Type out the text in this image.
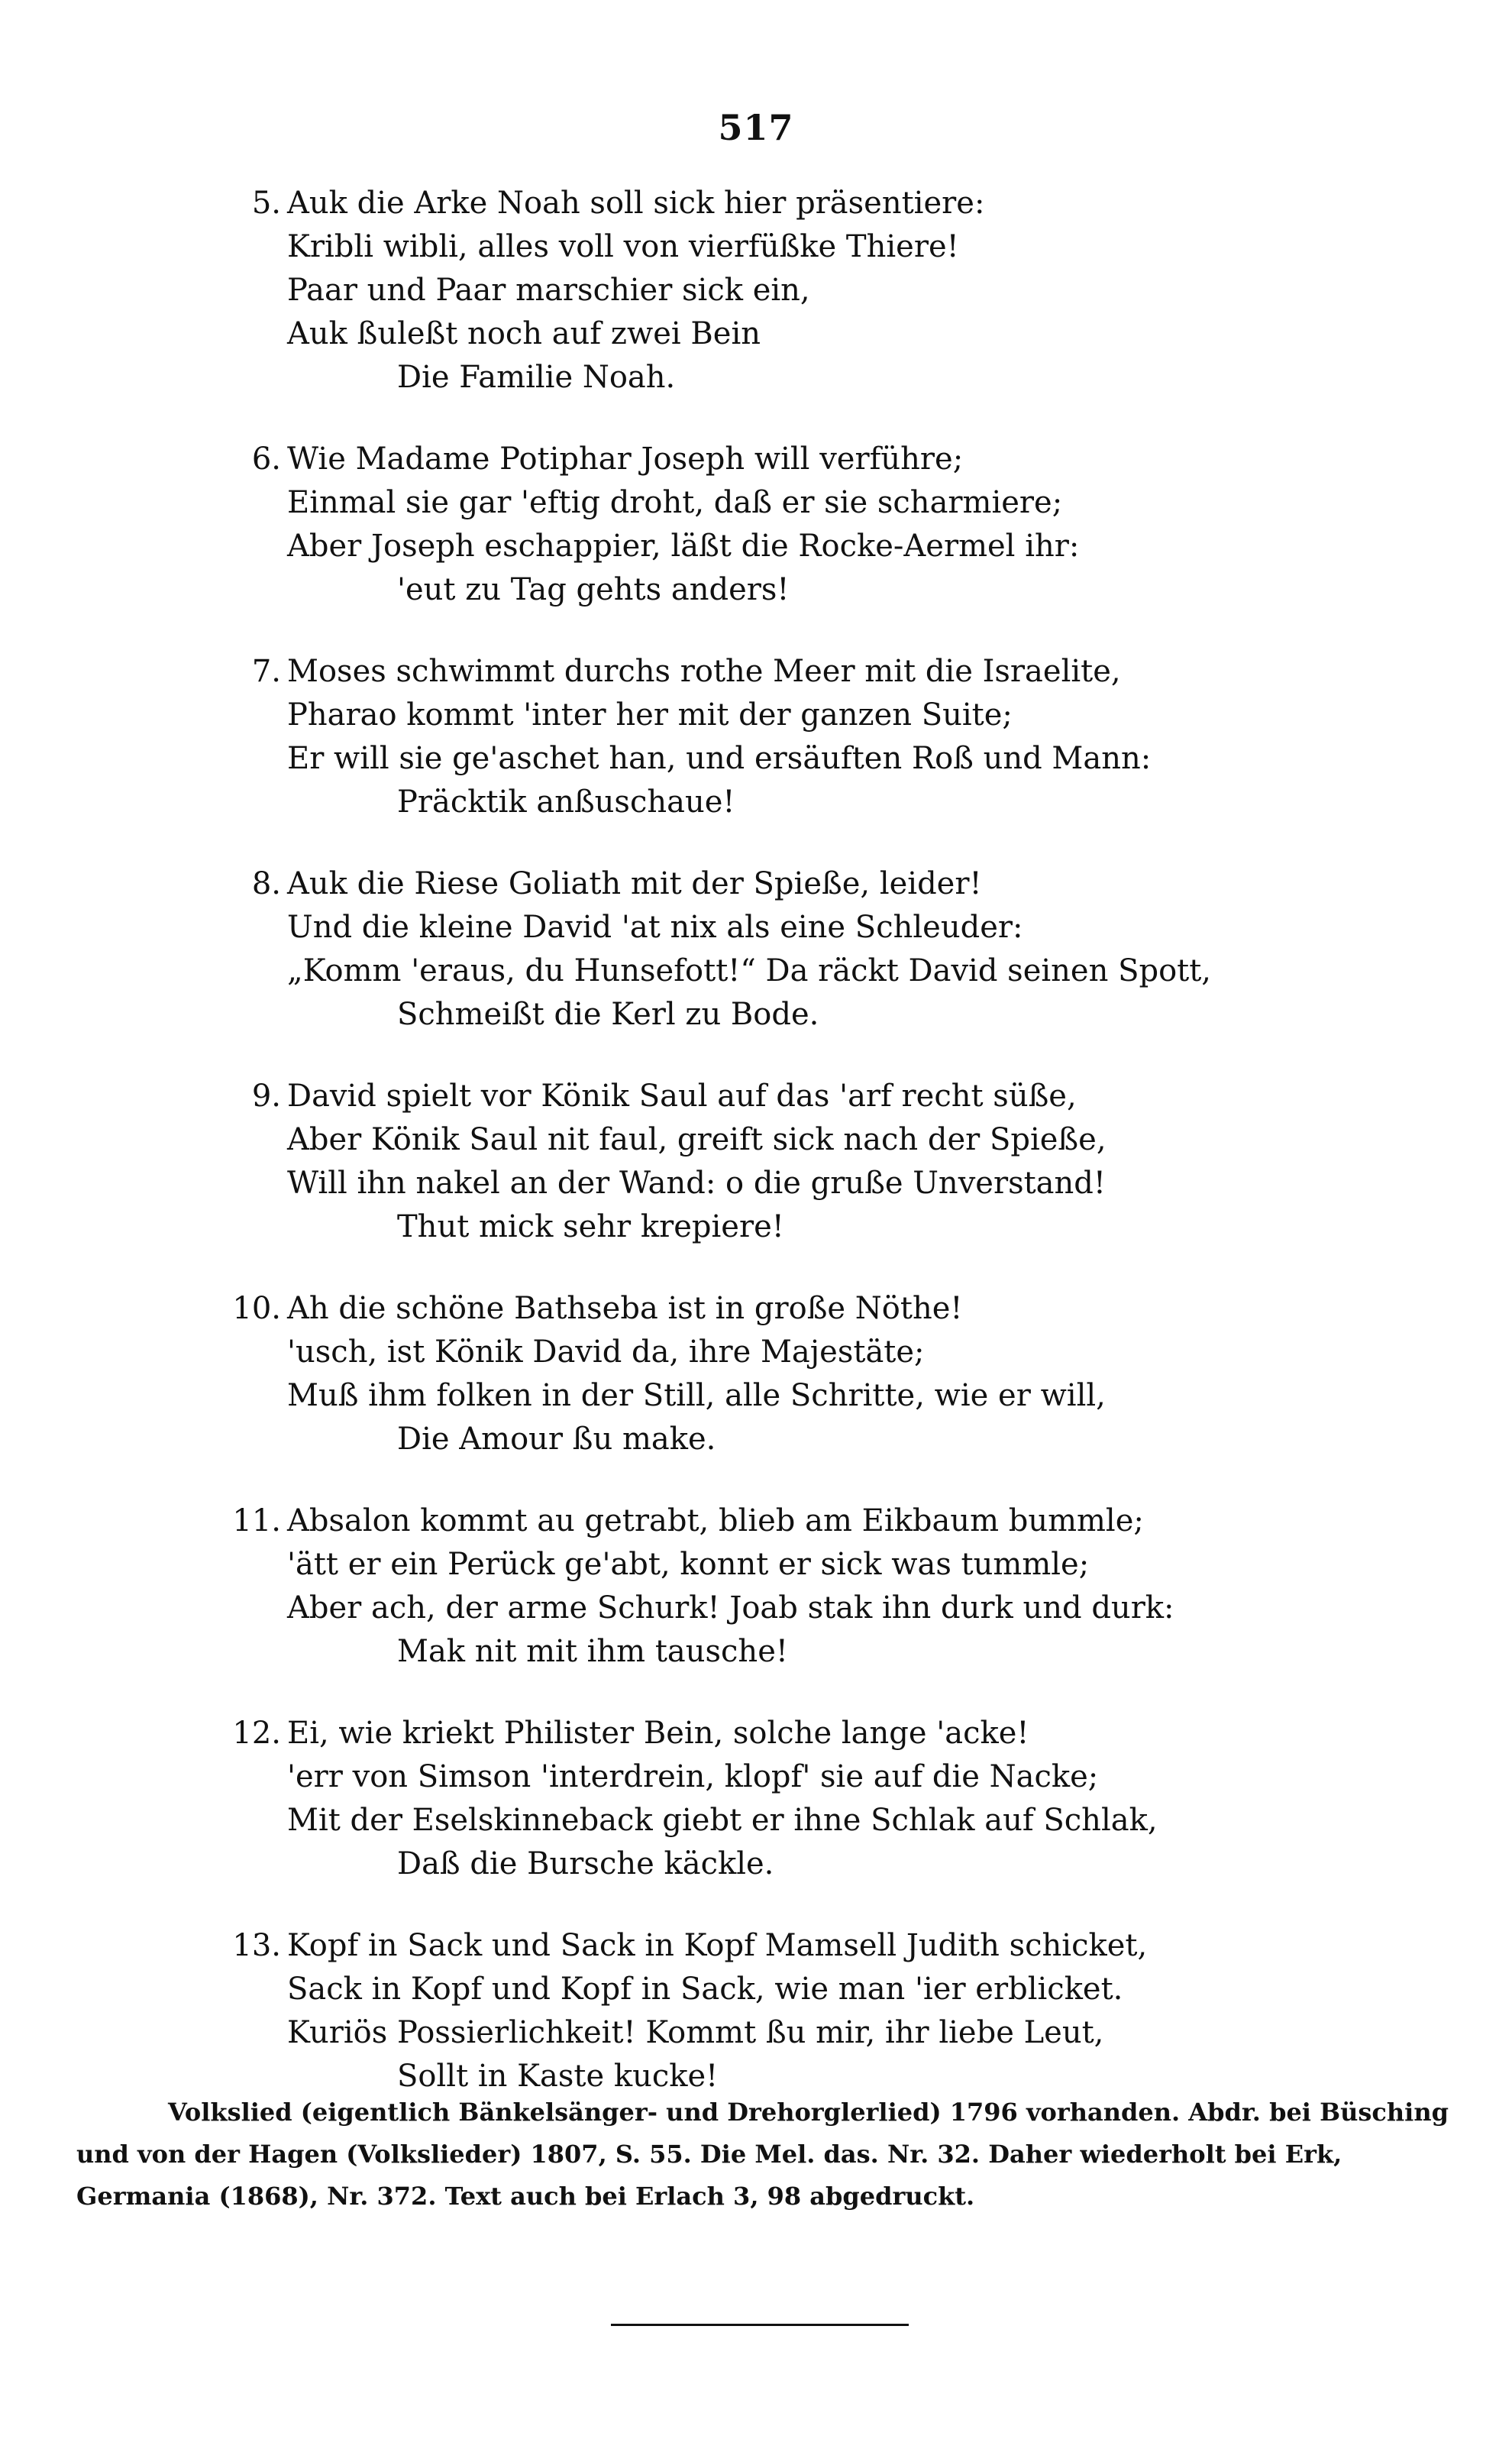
517
5. Auk die Arke Noah soll sick hier präsentiere:
Kribli wibli, alles voll von vierfüßke Thiere!
Paar und Paar marschier sick ein,
Auk ßuleßt noch auf zwei Bein
Die Familie Noah.
6. Wie Madame Potiphar Joseph will verführe;
Einmal sie gar 'eftig droht, daß er sie scharmiere;
Aber Joseph eschappier, läßt die Rocke-Aermel ihr:
'eut zu Tag gehts anders!
7. Moses schwimmt durchs rothe Meer mit die Israelite,
Pharao kommt 'inter her mit der ganzen Suite;
Er will sie ge'aschet han, und ersäuften Roß und Mann:
Präcktik anßuschaue!
8. Auk die Riese Goliath mit der Spieße, leider!
Und die kleine David 'at nix als eine Schleuder:
„Komm 'eraus, du Hunsefott!“ Da räckt David seinen Spott,
Schmeißt die Kerl zu Bode.
9. David spielt vor Könik Saul auf das 'arf recht süße,
Aber Könik Saul nit faul, greift sick nach der Spieße,
Will ihn nakel an der Wand: o die gruße Unverstand!
Thut mick sehr krepiere!
10. Ah die schöne Bathseba ist in große Nöthe!
'usch, ist Könik David da, ihre Majestäte;
Muß ihm folken in der Still, alle Schritte, wie er will,
Die Amour ßu make.
11. Absalon kommt au getrabt, blieb am Eikbaum bummle;
'ätt er ein Perück ge'abt, konnt er sick was tummle;
Aber ach, der arme Schurk! Joab stak ihn durk und durk:
Mak nit mit ihm tausche!
12. Ei, wie kriekt Philister Bein, solche lange 'acke!
'err von Simson 'interdrein, klopf' sie auf die Nacke;
Mit der Eselskinneback giebt er ihne Schlak auf Schlak,
Daß die Bursche käckle.
13. Kopf in Sack und Sack in Kopf Mamsell Judith schicket,
Sack in Kopf und Kopf in Sack, wie man 'ier erblicket.
Kuriös Possierlichkeit! Kommt ßu mir, ihr liebe Leut,
Sollt in Kaste kucke!
Volkslied (eigentlich Bänkelsänger- und Drehorglerlied) 1796 vorhanden. Abdr. bei Büsching
und von der Hagen (Volkslieder) 1807, S. 55. Die Mel. das. Nr. 32. Daher wiederholt bei Erk,
Germania (1868), Nr. 372. Text auch bei Erlach 3, 98 abgedruckt.
